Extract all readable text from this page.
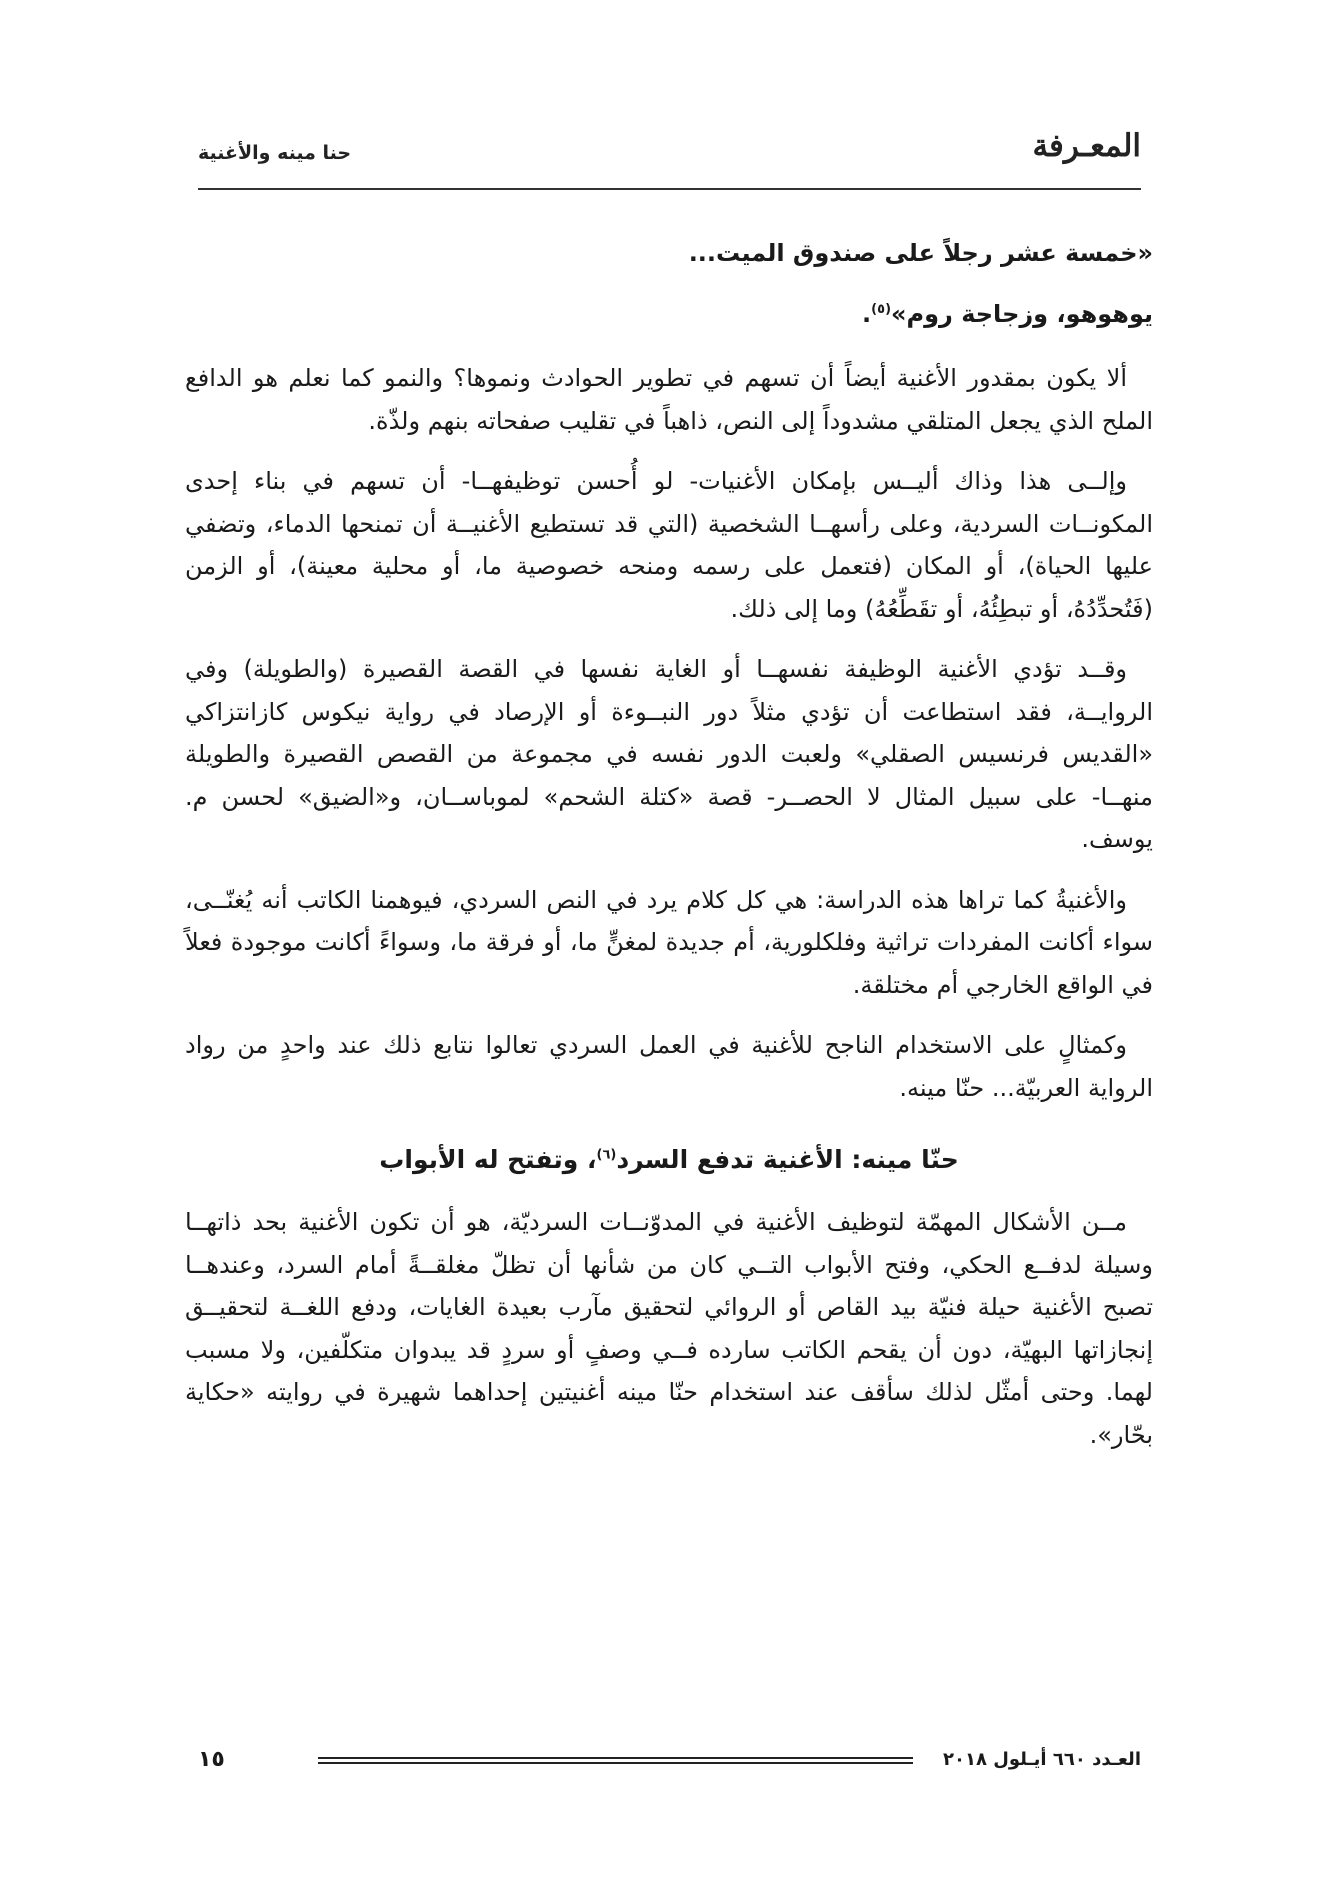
المعـرفة
حنا مينه والأغنية

«خمسة عشر رجلاً على صندوق الميت...

يوهوهو، وزجاجة روم»$^{(٥)}$.

ألا يكون بمقدور الأغنية أيضاً أن تسهم في تطوير الحوادث ونموها؟ والنمو كما نعلم هو الدافع الملح الذي يجعل المتلقي مشدوداً إلى النص، ذاهباً في تقليب صفحاته بنهم ولذّة.

وإلــى هذا وذاك أليــس بإمكان الأغنيات- لو أُحسن توظيفهــا- أن تسهم في بناء إحدى المكونــات السردية، وعلى رأسهــا الشخصية (التي قد تستطيع الأغنيــة أن تمنحها الدماء، وتضفي عليها الحياة)، أو المكان (فتعمل على رسمه ومنحه خصوصية ما، أو محلية معينة)، أو الزمن (فَتُحدِّدُهُ، أو تبطِئُهُ، أو تقَطِّعُهُ) وما إلى ذلك.

وقــد تؤدي الأغنية الوظيفة نفسهــا أو الغاية نفسها في القصة القصيرة (والطويلة) وفي الروايــة، فقد استطاعت أن تؤدي مثلاً دور النبــوءة أو الإرصاد في رواية نيكوس كازانتزاكي «القديس فرنسيس الصقلي» ولعبت الدور نفسه في مجموعة من القصص القصيرة والطويلة منهــا- على سبيل المثال لا الحصــر- قصة «كتلة الشحم» لموباســان، و«الضيق» لحسن م. يوسف.

والأغنيةُ كما تراها هذه الدراسة: هي كل كلام يرد في النص السردي، فيوهمنا الكاتب أنه يُغنّــى، سواء أكانت المفردات تراثية وفلكلورية، أم جديدة لمغنٍّ ما، أو فرقة ما، وسواءً أكانت موجودة فعلاً في الواقع الخارجي أم مختلقة.

وكمثالٍ على الاستخدام الناجح للأغنية في العمل السردي تعالوا نتابع ذلك عند واحدٍ من رواد الرواية العربيّة... حنّا مينه.

حنّا مينه: الأغنية تدفع السرد$^{(٦)}$، وتفتح له الأبواب

مــن الأشكال المهمّة لتوظيف الأغنية في المدوّنــات السرديّة، هو أن تكون الأغنية بحد ذاتهــا وسيلة لدفــع الحكي، وفتح الأبواب التــي كان من شأنها أن تظلّ مغلقــةً أمام السرد، وعندهــا تصبح الأغنية حيلة فنيّة بيد القاص أو الروائي لتحقيق مآرب بعيدة الغايات، ودفع اللغــة لتحقيــق إنجازاتها البهيّة، دون أن يقحم الكاتب سارده فــي وصفٍ أو سردٍ قد يبدوان متكلّفين، ولا مسبب لهما. وحتى أمثّل لذلك سأقف عند استخدام حنّا مينه أغنيتين إحداهما شهيرة في روايته «حكاية بحّار».

العـدد ٦٦٠ أيـلول ٢٠١٨
١٥
